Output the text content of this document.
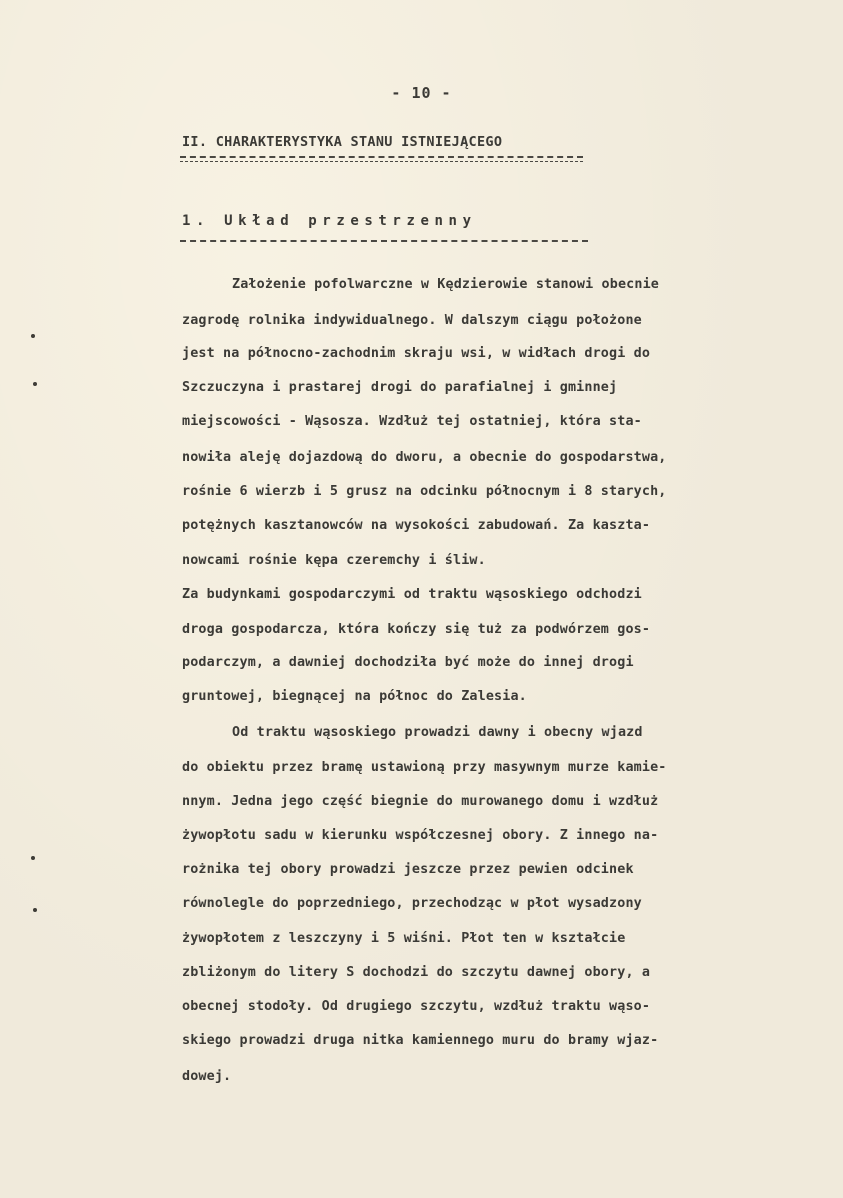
- 10 -
II. CHARAKTERYSTYKA STANU ISTNIEJĄCEGO
1. Układ przestrzenny
Założenie pofolwarczne w Kędzierowie stanowi obecnie
zagrodę rolnika indywidualnego. W dalszym ciągu położone
jest na północno-zachodnim skraju wsi, w widłach drogi do
Szczuczyna i prastarej drogi do parafialnej i gminnej
miejscowości - Wąsosza. Wzdłuż tej ostatniej, która sta-
nowiła aleję dojazdową do dworu, a obecnie do gospodarstwa,
rośnie 6 wierzb i 5 grusz na odcinku północnym i 8 starych,
potężnych kasztanowców na wysokości zabudowań. Za kaszta-
nowcami rośnie kępa czeremchy i śliw.
Za budynkami gospodarczymi od traktu wąsoskiego odchodzi
droga gospodarcza, która kończy się tuż za podwórzem gos-
podarczym, a dawniej dochodziła być może do innej drogi
gruntowej, biegnącej na północ do Zalesia.
Od traktu wąsoskiego prowadzi dawny i obecny wjazd
do obiektu przez bramę ustawioną przy masywnym murze kamie-
nnym. Jedna jego część biegnie do murowanego domu i wzdłuż
żywopłotu sadu w kierunku współczesnej obory. Z innego na-
rożnika tej obory prowadzi jeszcze przez pewien odcinek
równolegle do poprzedniego, przechodząc w płot wysadzony
żywopłotem z leszczyny i 5 wiśni. Płot ten w kształcie
zbliżonym do litery S dochodzi do szczytu dawnej obory, a
obecnej stodoły. Od drugiego szczytu, wzdłuż traktu wąso-
skiego prowadzi druga nitka kamiennego muru do bramy wjaz-
dowej.
